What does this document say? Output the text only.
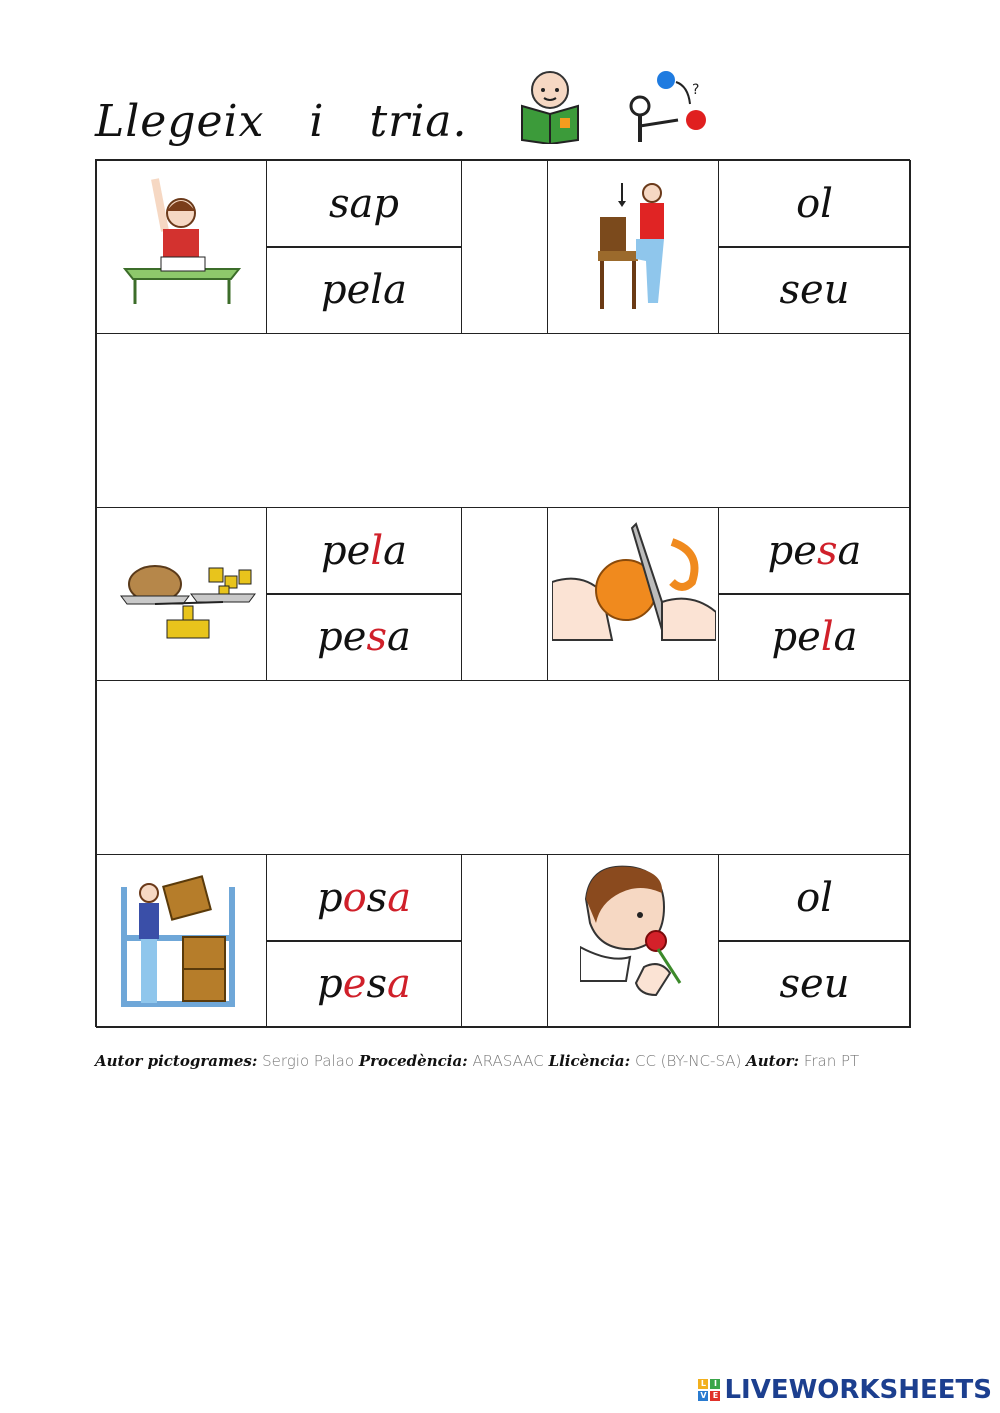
Llegeix i tria.
?
sap
pela
ol
seu
pela
pesa
pesa
pela
posa
pesa
ol
seu
Autor pictogrames: Sergio Palao Procedència: ARASAAC Llicència: CC (BY-NC-SA) Autor: Fran PT
L I
V E LIVEWORKSHEETS
